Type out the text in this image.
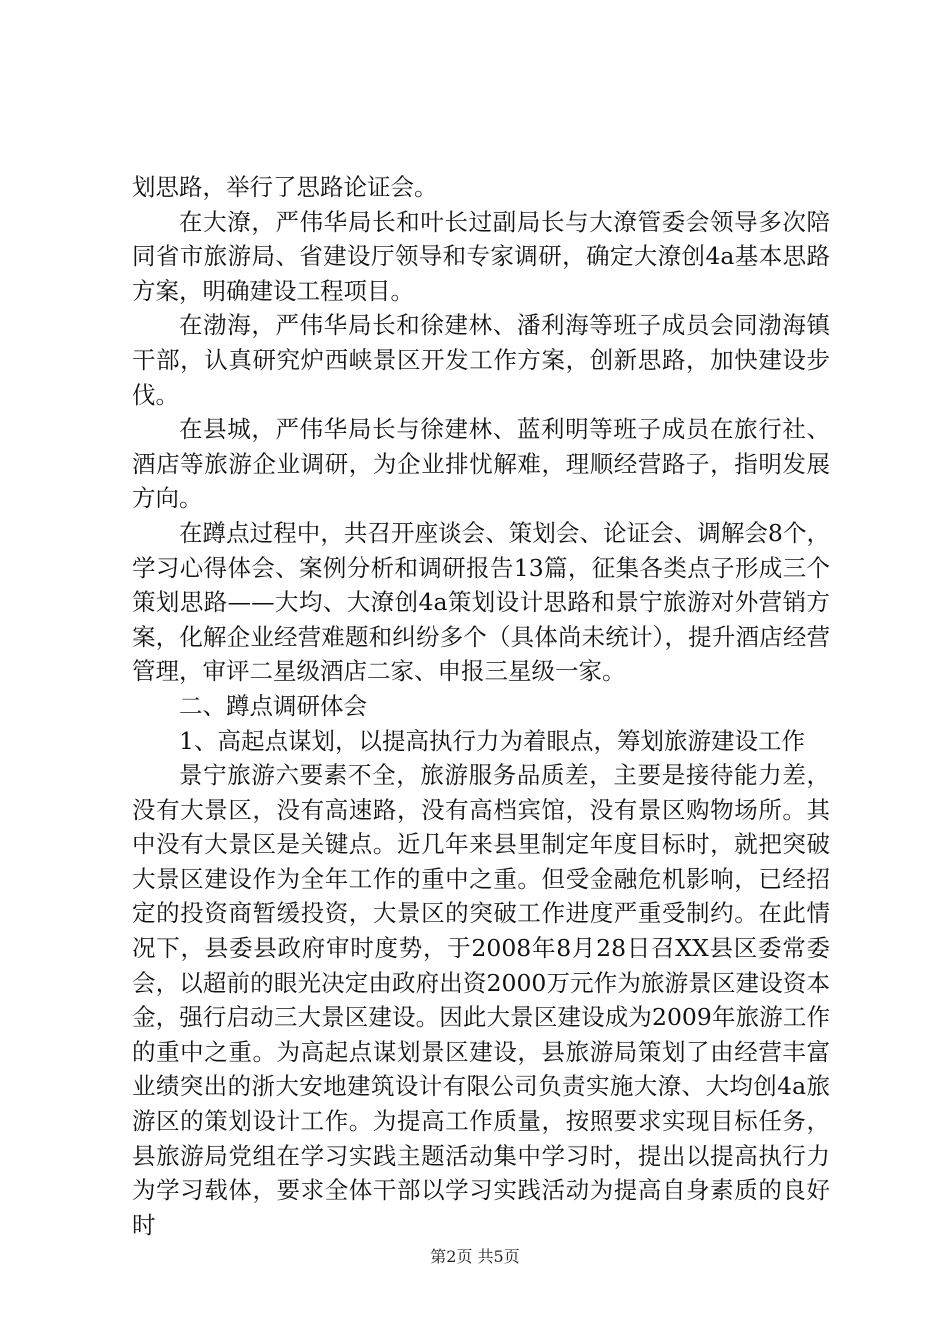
划思路，举行了思路论证会。

在大潦，严伟华局长和叶长过副局长与大潦管委会领导多次陪同省市旅游局、省建设厅领导和专家调研，确定大潦创4a基本思路方案，明确建设工程项目。

在渤海，严伟华局长和徐建林、潘利海等班子成员会同渤海镇干部，认真研究炉西峡景区开发工作方案，创新思路，加快建设步伐。

在县城，严伟华局长与徐建林、蓝利明等班子成员在旅行社、酒店等旅游企业调研，为企业排忧解难，理顺经营路子，指明发展方向。

在蹲点过程中，共召开座谈会、策划会、论证会、调解会8个，学习心得体会、案例分析和调研报告13篇，征集各类点子形成三个策划思路——大均、大潦创4a策划设计思路和景宁旅游对外营销方案，化解企业经营难题和纠纷多个（具体尚未统计），提升酒店经营管理，审评二星级酒店二家、申报三星级一家。

二、蹲点调研体会

1、高起点谋划，以提高执行力为着眼点，筹划旅游建设工作

景宁旅游六要素不全，旅游服务品质差，主要是接待能力差，没有大景区，没有高速路，没有高档宾馆，没有景区购物场所。其中没有大景区是关键点。近几年来县里制定年度目标时，就把突破大景区建设作为全年工作的重中之重。但受金融危机影响，已经招定的投资商暂缓投资，大景区的突破工作进度严重受制约。在此情况下，县委县政府审时度势，于2008年8月28日召XX县区委常委会，以超前的眼光决定由政府出资2000万元作为旅游景区建设资本金，强行启动三大景区建设。因此大景区建设成为2009年旅游工作的重中之重。为高起点谋划景区建设，县旅游局策划了由经营丰富业绩突出的浙大安地建筑设计有限公司负责实施大潦、大均创4a旅游区的策划设计工作。为提高工作质量，按照要求实现目标任务，县旅游局党组在学习实践主题活动集中学习时，提出以提高执行力为学习载体，要求全体干部以学习实践活动为提高自身素质的良好时

第2页 共5页
